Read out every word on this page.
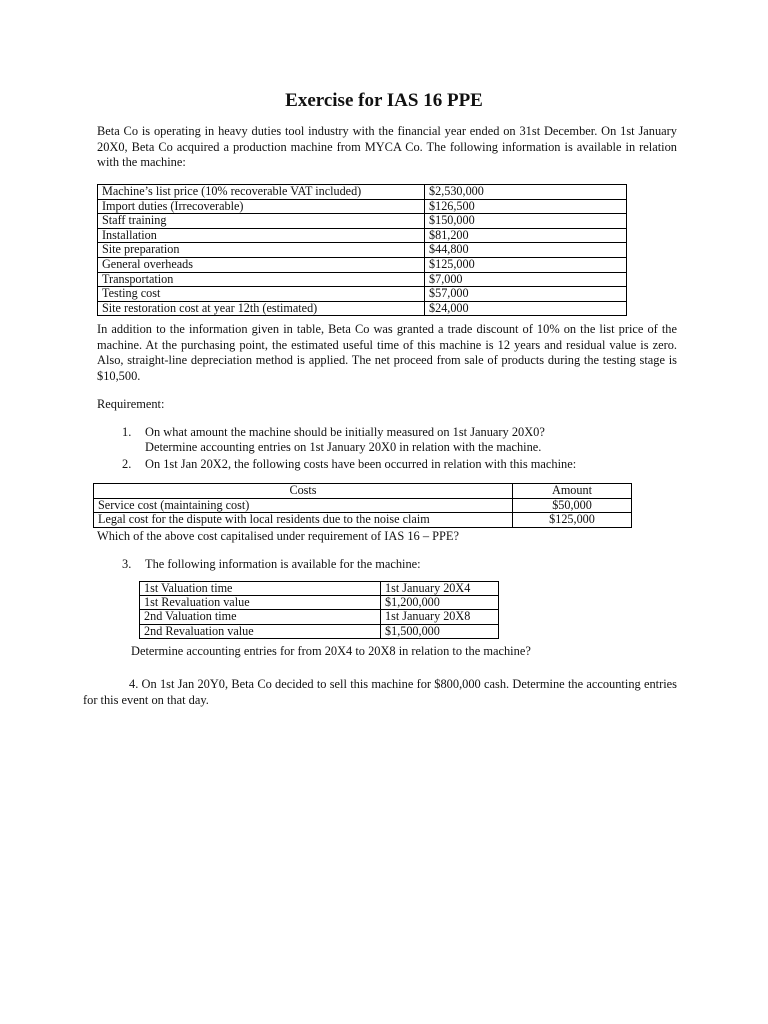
Exercise for IAS 16 PPE

Beta Co is operating in heavy duties tool industry with the financial year ended on 31st December. On 1st January 20X0, Beta Co acquired a production machine from MYCA Co. The following information is available in relation with the machine:

Machine’s list price (10% recoverable VAT included)	$2,530,000
Import duties (Irrecoverable)	$126,500
Staff training	$150,000
Installation	$81,200
Site preparation	$44,800
General overheads	$125,000
Transportation	$7,000
Testing cost	$57,000
Site restoration cost at year 12th (estimated)	$24,000

In addition to the information given in table, Beta Co was granted a trade discount of 10% on the list price of the machine. At the purchasing point, the estimated useful time of this machine is 12 years and residual value is zero. Also, straight-line depreciation method is applied. The net proceed from sale of products during the testing stage is $10,500.

Requirement:

1. On what amount the machine should be initially measured on 1st January 20X0?

Determine accounting entries on 1st January 20X0 in relation with the machine.

2. On 1st Jan 20X2, the following costs have been occurred in relation with this machine:

Costs	Amount
Service cost (maintaining cost)	$50,000
Legal cost for the dispute with local residents due to the noise claim	$125,000

Which of the above cost capitalised under requirement of IAS 16 – PPE?

3. The following information is available for the machine:

1st Valuation time	1st January 20X4
1st Revaluation value	$1,200,000
2nd Valuation time	1st January 20X8
2nd Revaluation value	$1,500,000

Determine accounting entries for from 20X4 to 20X8 in relation to the machine?

4. On 1st Jan 20Y0, Beta Co decided to sell this machine for $800,000 cash. Determine the accounting entries for this event on that day.
